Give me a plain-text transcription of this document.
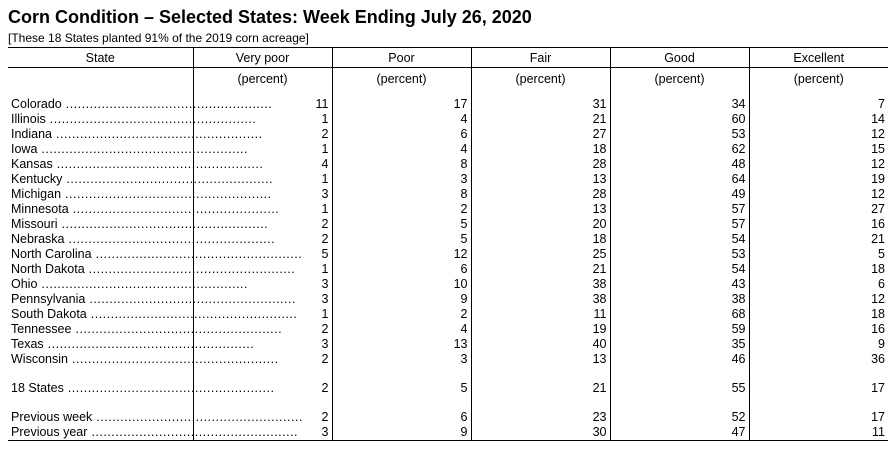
Corn Condition – Selected States: Week Ending July 26, 2020
[These 18 States planted 91% of the 2019 corn acreage]
State	Very poor	Poor	Fair	Good	Excellent
	(percent)	(percent)	(percent)	(percent)	(percent)

Colorado ....................................................	11	17	31	34	7

Illinois ....................................................	1	4	21	60	14

Indiana ....................................................	2	6	27	53	12

Iowa ....................................................	1	4	18	62	15

Kansas ....................................................	4	8	28	48	12

Kentucky ....................................................	1	3	13	64	19

Michigan ....................................................	3	8	28	49	12

Minnesota ....................................................	1	2	13	57	27

Missouri ....................................................	2	5	20	57	16

Nebraska ....................................................	2	5	18	54	21

North Carolina ....................................................	5	12	25	53	5

North Dakota ....................................................	1	6	21	54	18

Ohio ....................................................	3	10	38	43	6

Pennsylvania ....................................................	3	9	38	38	12

South Dakota ....................................................	1	2	11	68	18

Tennessee ....................................................	2	4	19	59	16

Texas ....................................................	3	13	40	35	9

Wisconsin ....................................................	2	3	13	46	36

18 States ....................................................	2	5	21	55	17

Previous week ....................................................	2	6	23	52	17

Previous year ....................................................	3	9	30	47	11
